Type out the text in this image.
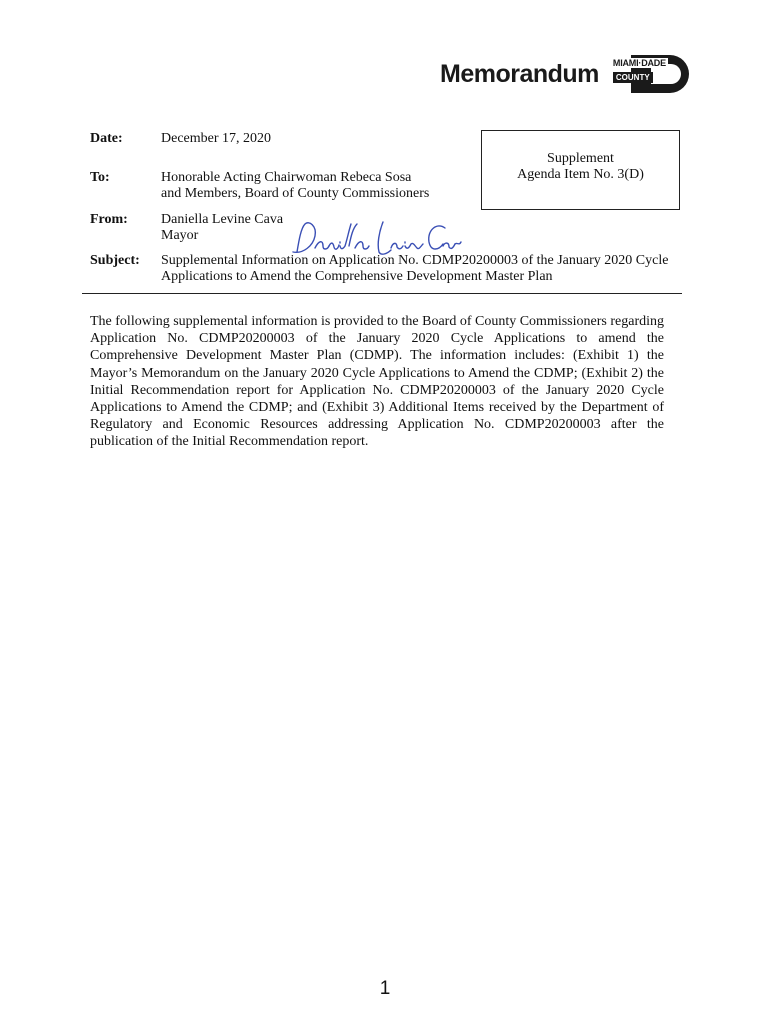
Memorandum MIAMI·DADE
COUNTY
Date:	December 17, 2020
To:	Honorable Acting Chairwoman Rebeca Sosa
and Members, Board of County Commissioners
From: Daniella Levine Cava
Mayor
Subject: Supplemental Information on Application No. CDMP20200003 of the January 2020 Cycle
Applications to Amend the Comprehensive Development Master Plan
Supplement
Agenda Item No. 3(D)
The following supplemental information is provided to the Board of County Commissioners regarding Application No. CDMP20200003 of the January 2020 Cycle Applications to amend the Comprehensive Development Master Plan (CDMP). The information includes: (Exhibit 1) the Mayor’s Memorandum on the January 2020 Cycle Applications to Amend the CDMP; (Exhibit 2) the Initial Recommendation report for Application No. CDMP20200003 of the January 2020 Cycle Applications to Amend the CDMP; and (Exhibit 3) Additional Items received by the Department of Regulatory and Economic Resources addressing Application No. CDMP20200003 after the publication of the Initial Recommendation report.
1
